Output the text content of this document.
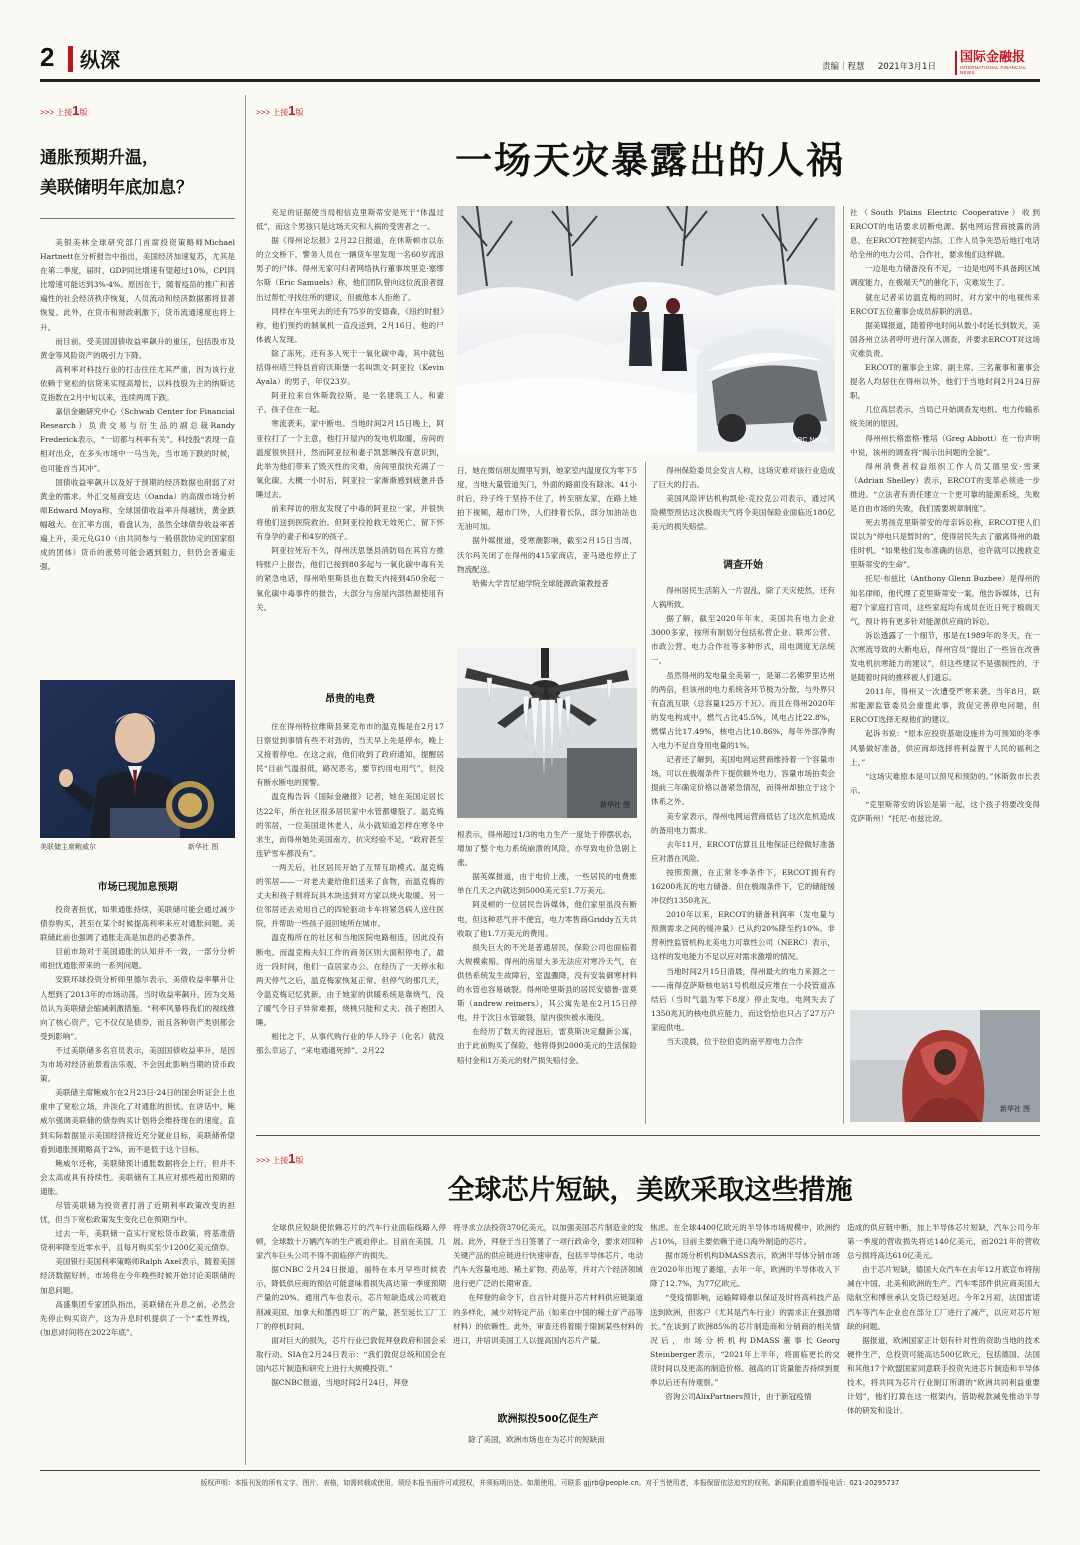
2 纵深	责编｜程慧 2021年3月1日
国际金融报
INTERNATIONAL FINANCIAL NEWS
>>> 上接1版
通胀预期升温，
美联储明年底加息？

美银美林全球研究部门首席投资策略师Michael Hartnett在分析报告中指出，美国经济加速复苏，尤其是在第二季度，届时，GDP同比增速有望超过10%，CPI同比增速可能达到3%-4%。原因在于，随着疫苗的推广和普遍性的社会经济秩序恢复，人员流动和经济数据都将显著恢复。此外，在货币和财政刺激下，货币流通速度也将上升。

而目前，受美国国债收益率飙升的重压，包括股市及黄金等风险资产的吸引力下降。

高利率对科技行业的打击往往尤其严重，因为该行业依赖于宽松的信贷来实现高增长，以科技股为主的纳斯达克指数在2月中旬以来，连续两周下跌。

嘉信金融研究中心（Schwab Center for Financial Research）负责交易与衍生品的副总裁Randy Frederick表示，“一切都与利率有关”。科技股“表现一直相对出众，在多头市场中一马当先，当市场下跌的时候，也可能首当其冲”。

国债收益率飙升以及好于预期的经济数据也削弱了对黄金的需求。外汇交易商安达（Oanda）的高级市场分析师Edward Moya称，全球国债收益率升得越快，黄金跌幅越大。在汇率方面，看盘认为，虽然全球债券收益率普遍上升，美元兑G10（由共同参与一般借款协定的国家组成的团体）货币的涨势可能会遇到阻力，但仍会普遍走强。

美联储主席鲍威尔	新华社 图
市场已现加息预期

投资者担忧，如果通胀持续，美联储可能会通过减少债券购买，甚至在某个时候提高利率来应对通胀问题。美联储此前也强调了通胀走高是加息的必要条件。

目前市场对于美国通胀的认知并不一致，一部分分析师担忧通胀带来的一系列问题。

安联环球投资分析师里德尔表示，美债收益率攀升让人想到了2013年的市场动荡，当时收益率飙升，因为交易员认为美联储会缩减刺激措施。“利率风暴将我们的视线推向了核心资产，它不仅仅是债券，而且各种资产类别都会受到影响”。

不过美联储多名官员表示，美国国债收益率升，是因为市场对经济前景看法乐观，不会因此影响当期的货币政策。

美联储主席鲍威尔在2月23日-24日的国会听证会上也重申了宽松立场，并淡化了对通胀的担忧。在讲话中，鲍威尔强调美联储的债券购买计划将会维持现在的速度，直到实际数据显示美国经济接近充分就业目标，美联储希望看到通胀预期略高于2%，而不是低于这个目标。

鲍威尔还称，美联储预计通胀数据将会上行，但并不会太高或具有持续性。美联储有工具应对那些超出预期的通胀。

尽管美联储为投资者打消了近期利率政策改变的担忧，但当下宽松政策发生变化已在预期当中。

过去一年，美联储一直实行宽松货币政策，将基准借贷利率降至近零水平，且每月购买至少1200亿美元债券。

美国银行美国利率策略师Ralph Axel表示，随着美国经济数据好转，市场将在今年晚些时候开始讨论美联储的加息问题。

高盛集团专家团队指出，美联储在升息之前，必然会先停止购买资产，这为升息时机提供了一个“柔性界线，(加息)时间将在2022年底”。

>>> 上接1版
一场天灾暴露出的人祸

充足的证据使当局相信克里斯蒂安是死于“体温过低”，而这个男孩只是这场天灾和人祸的受害者之一。

据《得州论坛报》2月22日报道，在休斯顿市以东的立交桥下，警务人员在一辆货车里发现一名60岁流浪男子的尸体。得州无家可归者网络执行董事埃里克·塞缪尔斯（Eric Samuels）称，他们团队曾向这位流浪者提出过帮忙寻找住所的建议，但被他本人拒绝了。

同样在车里死去的还有75岁的安德森，《纽约时报》称，他们预约的制氧机一直没送到，2月16日，他的尸体被人发现。

除了冻死，还有多人死于一氧化碳中毒，其中就包括得州塔兰特县首府沃斯堡一名叫凯文·阿亚拉（Kevin Ayala）的男子，年仅23岁。

阿亚拉来自休斯敦拉斯，是一名建筑工人，和妻子、孩子住在一起。

寒流袭来，家中断电。当地时间2月15日晚上，阿亚拉打了一个主意，他打开屋内的发电机取暖，房间的温度很快回升，然而阿亚拉和妻子凯瑟琳没有意识到，此举为他们带来了毁灭性的灾难，房间里很快充满了一氧化碳。大概一小时后，阿亚拉一家渐渐感到疲惫并昏睡过去。

前来拜访的朋友发现了中毒的阿亚拉一家，并很快将他们送到医院救治。但阿亚拉抢救无效死亡，留下怀有身孕的妻子和4岁的孩子。

阿亚拉死后不久，得州沃思堡县消防局在其官方推特账户上报告，他们已接到80多起与一氧化碳中毒有关的紧急电话，得州哈里斯县也在数天内接到450余起一氧化碳中毒事件的报告，大部分与房屋内部热源使用有关。

昂贵的电费

住在得州特拉维斯县莱克布市的温克梅是在2月17日察觉到事情有些不对劲的，当天早上先是停水，晚上又接着停电。在这之前，他们收到了政府通知，提醒居民“目前气温很低，路况恶劣，要节约用电用气”，但没有断水断电的预警。

温克梅告诉《国际金融报》记者，她在美国定居长达22年，所在社区很多居民家中水管都爆裂了。温克梅的邻居，一位美国退休老人，从小就知道怎样在寒冬中求生，而得州她处美国南方，抗灾经验不足，“政府甚至连铲雪车都没有”。

一两天后，社区居民开始了互帮互助模式。温克梅的邻居——一对老夫妻给他们送来了食物，而温克梅的丈夫和孩子则将玩具木块送到对方家以烧火取暖。另一位邻居还去劝用自己的四轮驱动卡车将紧急病人送往医院，并帮助一些孩子返回她所在城市。

温克梅所在的社区和当地医院电路相连，因此没有断电。而温克梅夫妇工作的商务区则大面积停电了，最近一段时间，他们一直居家办公。在经历了一天停水和两天停气之后，温克梅家恢复正常。但停气的那几天，令温克梅记忆犹新，由于她家的供暖系统是靠烧气，没了暖气令日子异常难捱，烧桃只能和丈夫、孩子抱团入睡。

相比之下，从事代购行业的华人玲子（化名）就没那么幸运了，“来电通通死掉”。2月22

ABC News

日，她在微信朋友圈里写到，她家室内温度仅为零下5度，当地大量管道失门，外面的路面没有除冰。41小时后，玲子终于坚持不住了，转至朋友家，在路上她拍下视频，超市门外，人们排着长队，部分加油站也无油可加。

据外媒报道，受寒潮影响，截至2月15日当周，沃尔玛关闭了在得州的415家商店，亚马逊也停止了物流配送。

哈佛大学肯尼迪学院全球能源政策教授普

新华社 图

根表示，得州超过1/3的电力生产一度处于停摆状态，增加了整个电力系统崩溃的风险，亦导致电价急剧上涨。

据英媒报道，由于电价上涨，一些居民的电费账单在几天之内就达到5000美元至1.7万美元。

阿灵顿的一位居民告诉媒体，他们家里虽没有断电，但这种恶气并不便宜，电力零售商Griddy五天共收取了他1.7万美元的费用。

损失巨大的不光是普通居民，保险公司也面临着大规模索赔。得州的房屋大多无法应对寒冷天气，在供热系统发生故障后，室温骤降，没有安装御寒材料的水管也容易破裂。得州哈里斯县的居民安德鲁·雷莫斯（andrew reimers），其公寓先是在2月15日停电，并于次日水管破裂，屋内很快被水淹没。

在经历了数天的浸泡后，雷莫斯决定翻新公寓，由于此前购买了保险，他将得到2000美元的生活保险赔付金和1万美元的财产损失赔付金。

得州保险委员会发言人称，这场灾难对该行业造成了巨大的打击。

美国风险评估机构凯伦·克拉克公司表示，通过风险模型预估这次极端天气将令美国保险业面临近180亿美元的损失赔偿。

调查开始

得州居民生活陷入一片混乱，除了天灾使然，还有人祸所致。

据了解，截至2020年年末，美国共有电力企业3000多家，按所有制划分包括私营企业、联邦公营、市政公营、电力合作社等多种形式，用电调度无法统一。

虽然得州的发电量全美第一，是第二名佛罗里达州的两倍，但该州的电力系统各环节极为分散，与外界只有直流互联（总容量125万千瓦）。而且在得州2020年的发电构成中，燃气占比45.5%，风电占比22.8%，燃煤占比17.49%，核电占比10.86%，每年外部净购入电力不足自身用电量的1%。

记者还了解到，美国电网运营商维持着一个容量市场，可以在极端条件下提供额外电力，容量市场拍卖会提前三年确定价格以备紧急情况，而得州却独立于这个体系之外。

美专家表示，得州电网运营商低估了这次危机造成的备用电力需求。

去年11月，ERCOT估算且且地保证已经做好准备应对潜在风险。

按照预测，在正常冬季条件下，ERCOT拥有约16200兆瓦的电力储备。但在极端条件下，它的储能缓冲仅约1350兆瓦。

2010年以来，ERCOT的储备利润率（发电量与预测需求之间的缓冲量）已从约20%降至约10%。非营利性监管机构北美电力可靠性公司（NERC）表示，这样的发电能力不足以应对需求激增的情况。

当地时间2月15日清晨，得州最大的电力来源之一——南得克萨斯核电站1号机组反应堆在一小段管道冻结后（当时气温为零下8度）停止发电，电网失去了1350兆瓦的核电供应能力，而这恰恰也只占了27万户家庭供电。

当天凌晨，位于拉伯克的南平原电力合作

社（South Plains Electric Cooperative）收到ERCOT的电话要求切断电源。据电网运营商披露的消息，在ERCOT控制室内部，工作人员争先恐后地打电话给全州的电力公司、合作社，要求他们这样做。

一边是电力储备没有不足，一边是电网不具备跨区域调度能力，在极端天气的催化下，灾难发生了。

就在记者采访温克梅的同时，对方家中的电视传来ERCOT五位董事会成员辞职的消息。

据美媒报道，随着停电时间从数小时延长到数天，美国各州立法者呼吁进行深入调查，并要求ERCOT对这场灾难负责。

ERCOT的董事会主席、副主席、三名董事和董事会提名人均居住在得州以外，他们于当地时间2月24日辞职。

几位高层表示，当局已开始调查发电机、电力传输系统关闭的原因。

得州州长格雷格·雅培（Greg Abbott）在一份声明中说，该州的调查将“揭示出问题的全貌”。

得州消费者权益组织工作人员艾德里安·雪莱（Adrian Shelley）表示，ERCOT的变革必须进一步推进。“立法者有责任建立一个更可靠的能源系统，失败是自由市场的失败，我们需要规章制度”。

死去男孩克里斯蒂安的母亲诉讼称，ERCOT使人们误以为“停电只是暂时的”，使得居民失去了撤离得州的最佳时机。“如果他们发布准确的信息，也许就可以挽救克里斯蒂安的生命”。

托尼·布兹比（Anthony Glenn Buzbee）是得州的知名律师，他代理了克里斯蒂安一案。他告诉媒体，已有超7个家庭打官司，这些家庭均有成员在近日死于极端天气，预计将有更多针对能源供应商的诉讼。

诉讼透露了一个细节，那是在1989年的冬天，在一次寒流导致的大断电后，得州官员“提出了一些旨在改善发电机抗寒能力的建议”，但这些建议不是强制性的，于是随着时间的推移被人们遗忘。

2011年，得州又一次遭受严寒来袭。当年8月，联邦能源监管委员会重提此事，敦促完善停电问题，但ERCOT选择无视他们的建议。

起诉书说：“原本应投资基础设施并为可预知的冬季风暴做好准备，供应商却选择将利益置于人民的福利之上。”

“这场灾难原本是可以预见和预防的。”休斯敦市长表示。

“克里斯蒂安的诉讼是第一起，这个孩子将要改变得克萨斯州！”托尼·布兹比说。

新华社 图
>>> 上接1版
全球芯片短缺，美欧采取这些措施

全球供应短缺使依赖芯片的汽车行业面临线路入停顿，全球数十万辆汽车的生产被迫停止。目前在美国，几家汽车巨头公司不得不面临停产的损失。

据CNBC 2月24日报道，福特在本月早些时候表示，降低供应商的预估可能意味着损失高达第一季度预期产量的20%。通用汽车也表示，芯片短缺造成公司被迫削减美国、加拿大和墨西哥工厂的产量，甚至延长工厂工厂的停机时间。

面对巨大的损失，芯片行业已敦促拜登政府和国会采取行动。SIA在2月24日表示：“我们敦促总统和国会在国内芯片制造和研究上进行大规模投资。”

据CNBC报道，当地时间2月24日，拜登

将寻求立法投资370亿美元，以加强美国芯片制造业的发展。此外，拜登于当日签署了一项行政命令，要求对四种关键产品的供应链进行快速审查，包括半导体芯片、电动汽车大容量电池、稀土矿物、药品等，并对六个经济领域进行更广泛的长期审查。

在拜登的命令下，自言针对提升芯片材料供应链渠道的多样化，减少对特定产品（如来自中国的稀土矿产品等材料）的依赖性。此外，审查还将着眼于限制某些材料的进口，并培训美国工人以提高国内芯片产量。

欧洲拟投500亿促生产

除了美国，欧洲市场也在为芯片的短缺而

焦虑。在全球4400亿欧元的半导体市场规模中，欧洲约占10%，目前主要依赖于进口海外制造的芯片。

据市场分析机构DMASS表示，欧洲半导体分销市场在2020年出现了萎缩，去年一年，欧洲的半导体收入下降了12.7%，为77亿欧元。

“受疫情影响，运输障碍难以保证及时将高科技产品送到欧洲，但客户（尤其是汽车行业）的需求正在强劲增长。”在谈到了欧洲85%的芯片制造商和分销商的相关情况后，市场分析机构DMASS董事长Georg Steinberger表示，“2021年上半年，将面临更长的交货时间以及更高的制造价格。越高的订货量能否持续到夏季以后还有待观察。”

咨询公司AlixPartners预计，由于新冠疫情

造成的供应链中断，加上半导体芯片短缺，汽车公司今年第一季度的营收损失将达140亿美元，而2021年的营收总亏损将高达610亿美元。

由于芯片短缺，德国大众汽车在去年12月底宣布将削减在中国、北美和欧洲的生产。汽车零部件供应商美国大陆航空和博世承认交货已经延迟。今年2月初，法国雷诺汽车等汽车企业也在部分工厂进行了减产，以应对芯片短缺的问题。

据报道，欧洲国家正计划有针对性的资助当地的技术硬件生产，总投资可能高达500亿欧元，包括德国、法国和其他17个欧盟国家同意联手投资先进芯片制造和半导体技术，将共同为芯片行业制订所谓的“欧洲共同利益重要计划”，他们打算在这一框架内，借助税款减免推动半导体的研发和设计。

版权声明：本报刊发的所有文字、图片、表格，如需转载或使用，须经本报书面许可或授权，并须标明出处。如需使用，可联系 gjjrb@people.cn。对于当使用者，本报保留依法追究的权利。新闻职业道德举报电话：021-20295737
